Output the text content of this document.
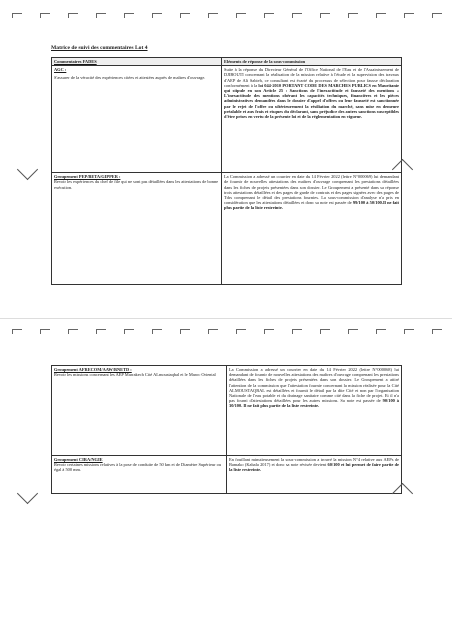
Matrice de suivi des commentaires Lot 4
Commentaires FADES	Eléments de réponse de la sous-commission

AGC :
S'assurer de la véracité des expériences citées et attestées auprès de maîtres d'ouvrage.	Suite à la réponse du Directeur Général de l'Office National de l'Eau et de l'Assainissement de DJIBOUTI concernant la réalisation de la mission relative à l'étude et la supervision des travaux d'AEP de Ali Sabieh, ce consultant est écarté du processus de sélection pour fausse déclaration conformément à la loi 044-2010 PORTANT CODE DES MARCHES PUBLICS en Mauritanie qui stipule en son Article 25 : Sanctions de l'inexactitude et fausseté des mentions « L'inexactitude des mentions obérant les capacités techniques, financières et les pièces administratives demandées dans le dossier d'appel d'offres ou leur fausseté est sanctionnée par le rejet de l'offre ou ultérieurement la résiliation du marché, sans mise en demeure préalable et aux frais et risques du déclarant, sans préjudice des autres sanctions susceptibles d'être prises en vertu de la présente loi et de la réglementation en vigueur.

Groupement PEP/BETA/GIPPER :
Revoir les expériences du chef de file qui ne sont pas détaillées dans les attestations de bonne exécution.	La Commission a adressé un courrier en date du 14 Février 2022 (lettre N°000069) lui demandant de fournir de nouvelles attestations des maîtres d'ouvrage comprenant les prestations détaillées dans les fiches de projets présentées dans son dossier. Le Groupement a présenté dans sa réponse trois attestations détaillées et des pages de garde de contrats et des pages signées avec des pages de Tdrs comprenant le détail des prestations fournies. La sous-commission d'analyse n'a pris en considération que les attestations détaillées et donc sa note est passée de 99/100 à 50/100.Il ne fait plus partie de la liste restreinte.
Groupement AFRECOM/AAW/BNETD :
Revoir les missions concernant les AEP Marrakech Cité ALmoustaqbal et le Maroc Oriental	La Commission a adressé un courrier en date du 14 Février 2022 (lettre N°000068) lui demandant de fournir de nouvelles attestations des maîtres d'ouvrage comprenant les prestations détaillées dans les fiches de projets présentées dans son dossier. Le Groupement a attiré l'attention de la commission que l'attestation fournie concernant la mission réalisée pour la Cité ALMOUSTAQBAL est détaillées et fournit le détail par la dite Cité et non par l'organisation Nationale de l'eau potable et du drainage sanitaire comme cité dans la fiche de projet. Et il n'a pas fourni d'attestations détaillées pour les autres missions. Sa note est passée de 90/100 à 30/100. Il ne fait plus partie de la liste restreinte.

Groupement CIRA/NGIE
Revoir certaines missions relatives à la pose de conduite de 50 km et de Diamètre Supérieur ou égal à 500 mm.	En fouillant minutieusement la sous-commission a trouvé la mission N°4 relative aux AEPs de Bamako (Kabala 2017) et donc sa note révisée devient 60/100 et lui permet de faire partie de la liste restreinte.
